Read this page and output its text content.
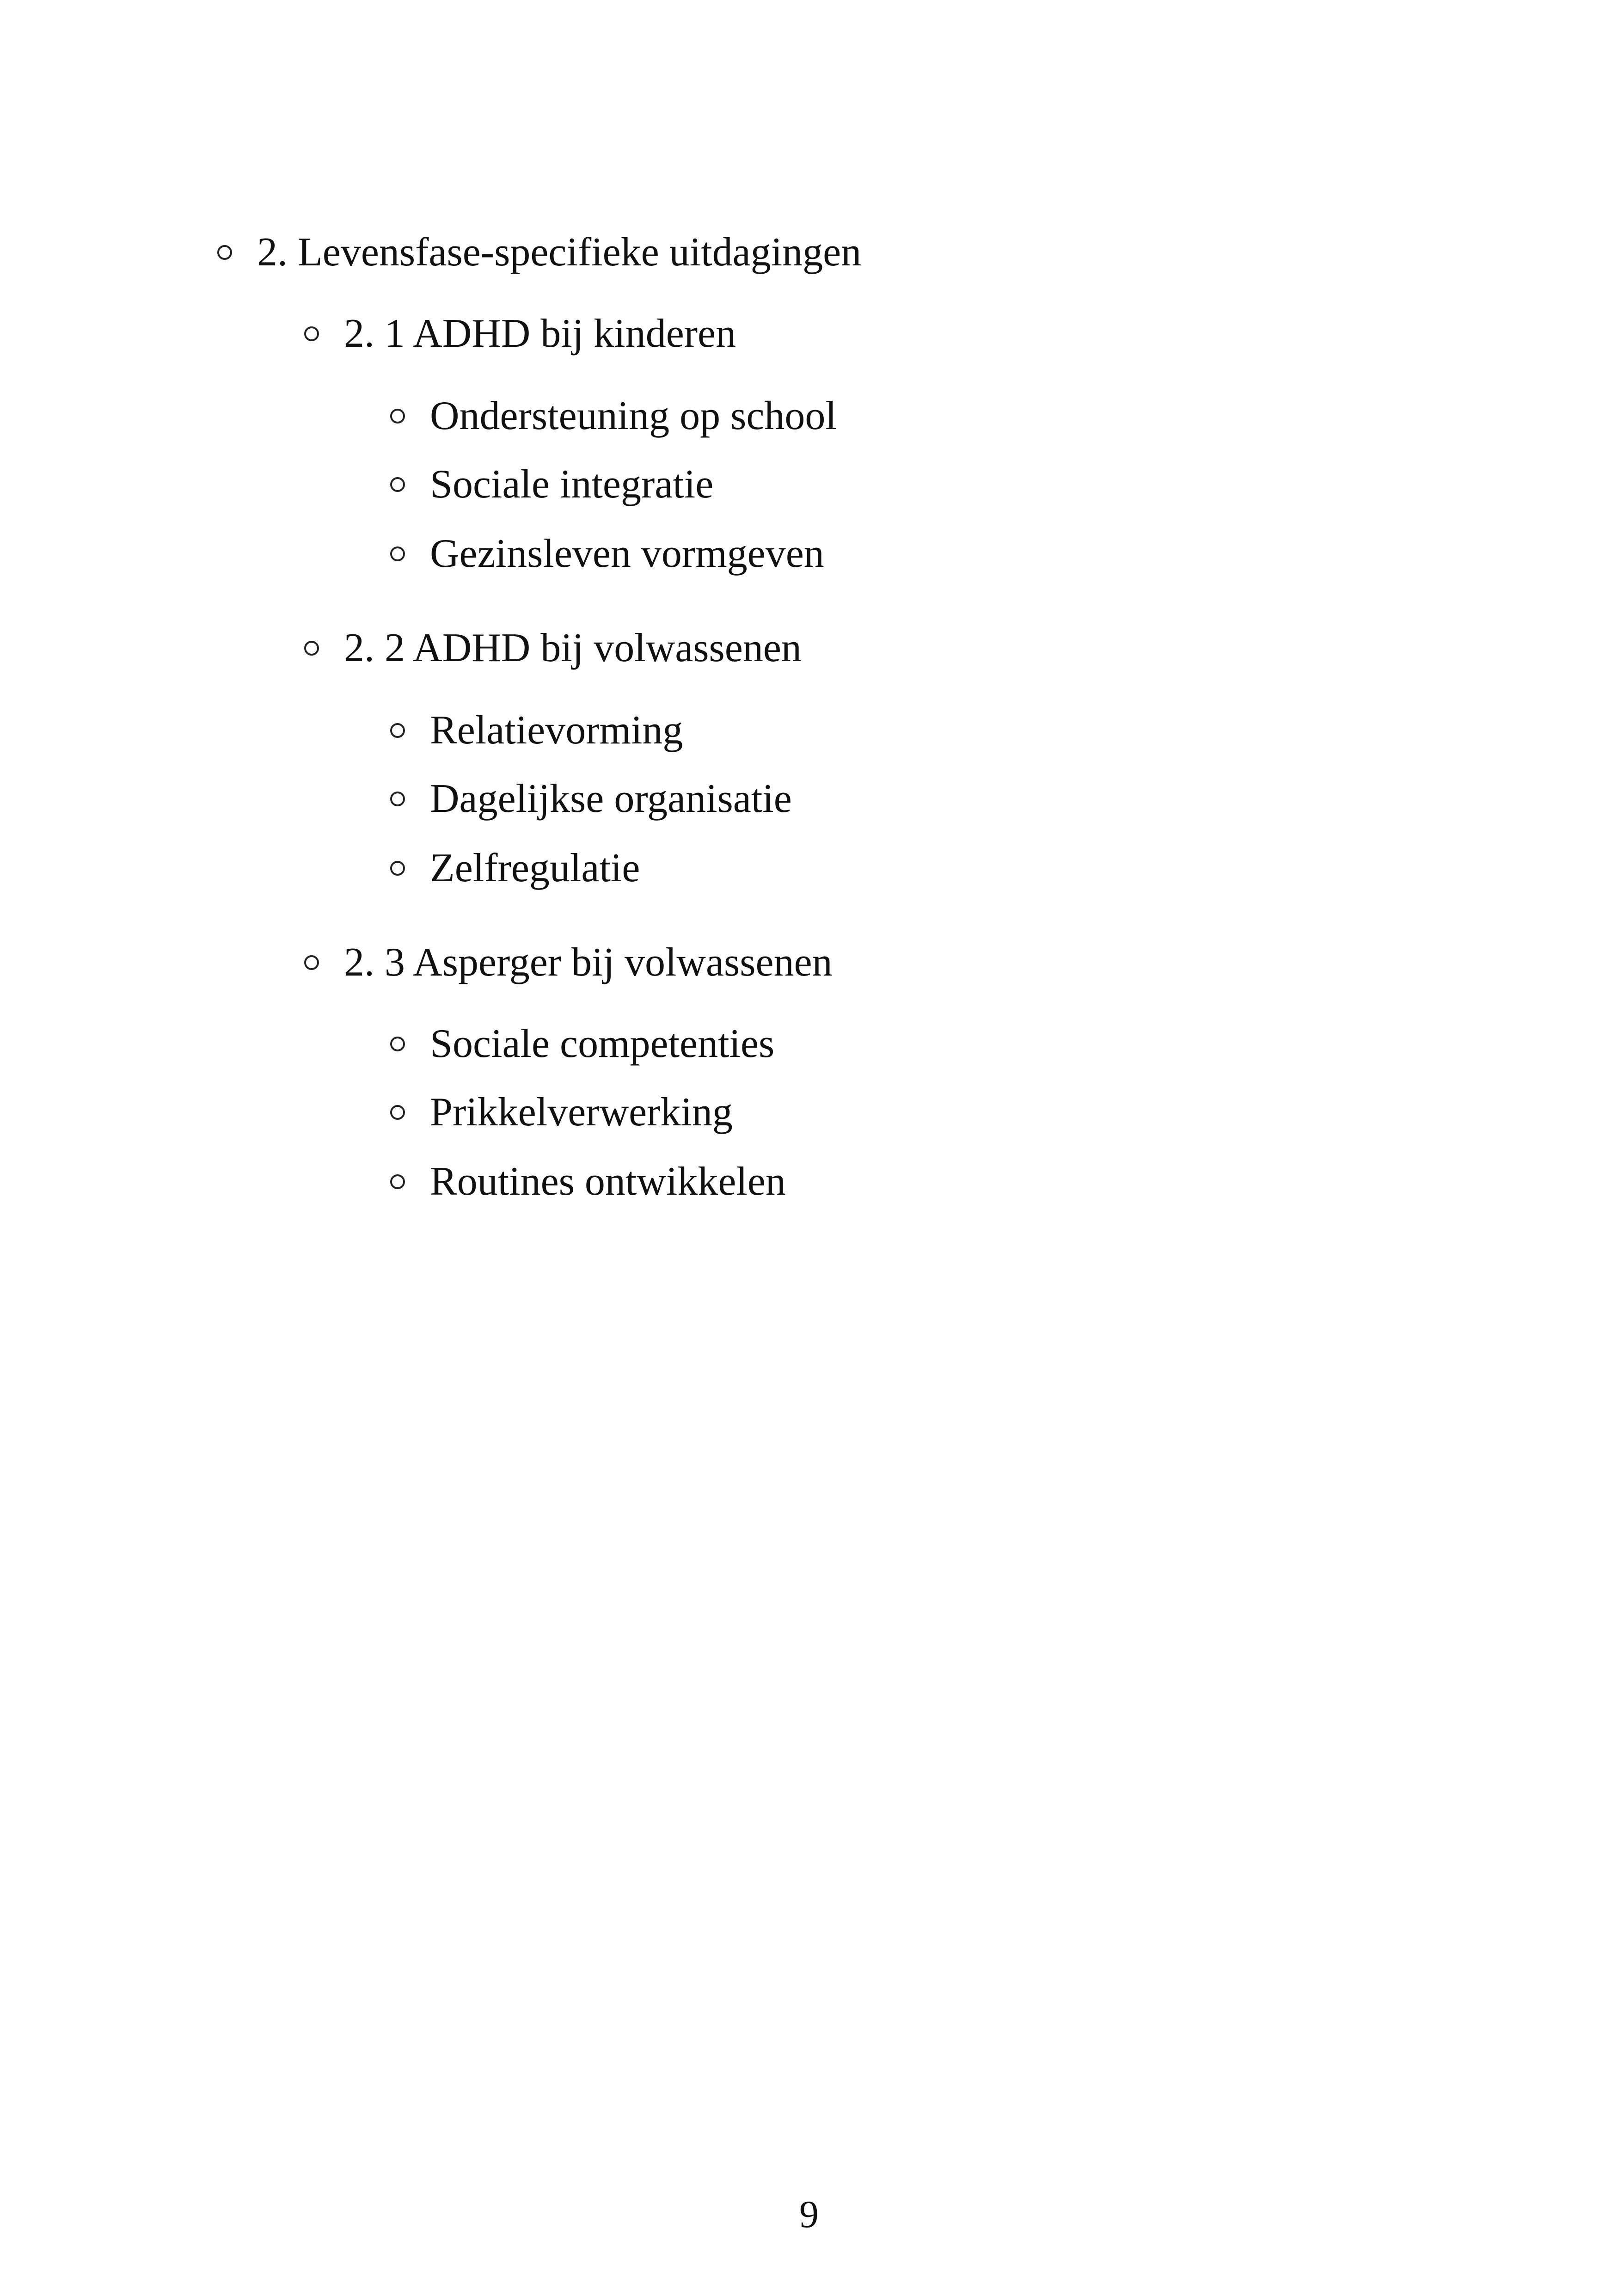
2. Levensfase-specifieke uitdagingen
2. 1 ADHD bij kinderen
Ondersteuning op school
Sociale integratie
Gezinsleven vormgeven
2. 2 ADHD bij volwassenen
Relatievorming
Dagelijkse organisatie
Zelfregulatie
2. 3 Asperger bij volwassenen
Sociale competenties
Prikkelverwerking
Routines ontwikkelen
9
